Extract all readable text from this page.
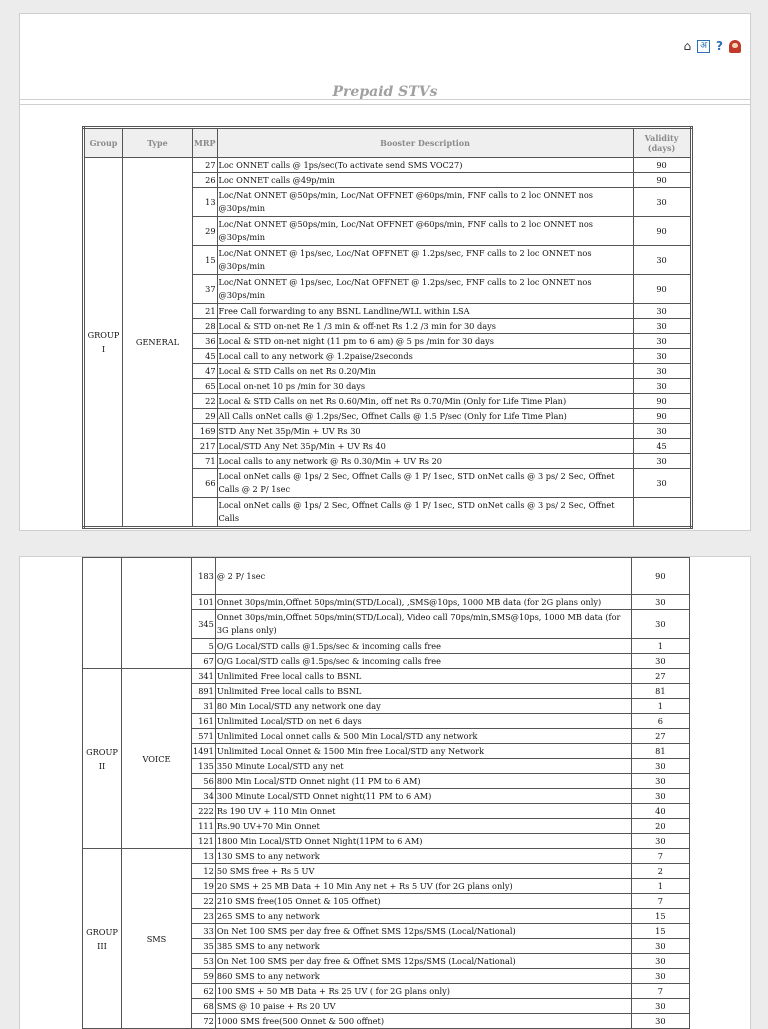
⌂	अ ?
Prepaid STVs
Group	Type	MRP	Booster Description	Validity (days)
GROUP I	GENERAL	27	Loc ONNET calls @ 1ps/sec(To activate send SMS VOC27)	90
		26	Loc ONNET calls @49p/min	90
		13	Loc/Nat ONNET @50ps/min, Loc/Nat OFFNET @60ps/min, FNF calls to 2 loc ONNET nos @30ps/min	30
		29	Loc/Nat ONNET @50ps/min, Loc/Nat OFFNET @60ps/min, FNF calls to 2 loc ONNET nos @30ps/min	90
		15	Loc/Nat ONNET @ 1ps/sec, Loc/Nat OFFNET @ 1.2ps/sec, FNF calls to 2 loc ONNET nos @30ps/min	30
		37	Loc/Nat ONNET @ 1ps/sec, Loc/Nat OFFNET @ 1.2ps/sec, FNF calls to 2 loc ONNET nos @30ps/min	90
		21	Free Call forwarding to any BSNL Landline/WLL within LSA	30
		28	Local & STD on-net Re 1 /3 min & off-net Rs 1.2 /3 min for 30 days	30
		36	Local & STD on-net night (11 pm to 6 am) @ 5 ps /min for 30 days	30
		45	Local call to any network @ 1.2paise/2seconds	30
		47	Local & STD Calls on net Rs 0.20/Min	30
		65	Local on-net 10 ps /min for 30 days	30
		22	Local & STD Calls on net Rs 0.60/Min, off net Rs 0.70/Min (Only for Life Time Plan)	90
		29	All Calls onNet calls @ 1.2ps/Sec, Offnet Calls @ 1.5 P/sec (Only for Life Time Plan)	90
		169	STD Any Net 35p/Min + UV Rs 30	30
		217	Local/STD Any Net 35p/Min + UV Rs 40	45
		71	Local calls to any network @ Rs 0.30/Min + UV Rs 20	30
		66	Local onNet calls @ 1ps/ 2 Sec, Offnet Calls @ 1 P/ 1sec, STD onNet calls @ 3 ps/ 2 Sec, Offnet Calls @ 2 P/ 1sec	30
			Local onNet calls @ 1ps/ 2 Sec, Offnet Calls @ 1 P/ 1sec, STD onNet calls @ 3 ps/ 2 Sec, Offnet Calls	
		183	@ 2 P/ 1sec	90
		101	Onnet 30ps/min,Offnet 50ps/min(STD/Local), ,SMS@10ps, 1000 MB data (for 2G plans only)	30
		345	Onnet 30ps/min,Offnet 50ps/min(STD/Local), Video call 70ps/min,SMS@10ps, 1000 MB data (for 3G plans only)	30
		5	O/G Local/STD calls @1.5ps/sec & incoming calls free	1
		67	O/G Local/STD calls @1.5ps/sec & incoming calls free	30
GROUP II	VOICE	341	Unlimited Free local calls to BSNL	27
		891	Unlimited Free local calls to BSNL	81
		31	80 Min Local/STD any network one day	1
		161	Unlimited Local/STD on net 6 days	6
		571	Unlimited Local onnet calls & 500 Min Local/STD any network	27
		1491	Unlimited Local Onnet & 1500 Min free Local/STD any Network	81
		135	350 Minute Local/STD any net	30
		56	800 Min Local/STD Onnet night (11 PM to 6 AM)	30
		34	300 Minute Local/STD Onnet night(11 PM to 6 AM)	30
		222	Rs 190 UV + 110 Min Onnet	40
		111	Rs.90 UV+70 Min Onnet	20
		121	1800 Min Local/STD Onnet Night(11PM to 6 AM)	30
GROUP III	SMS	13	130 SMS to any network	7
		12	50 SMS free + Rs 5 UV	2
		19	20 SMS + 25 MB Data + 10 Min Any net + Rs 5 UV (for 2G plans only)	1
		22	210 SMS free(105 Onnet & 105 Offnet)	7
		23	265 SMS to any network	15
		33	On Net 100 SMS per day free & Offnet SMS 12ps/SMS (Local/National)	15
		35	385 SMS to any network	30
		53	On Net 100 SMS per day free & Offnet SMS 12ps/SMS (Local/National)	30
		59	860 SMS to any network	30
		62	100 SMS + 50 MB Data + Rs 25 UV ( for 2G plans only)	7
		68	SMS @ 10 paise + Rs 20 UV	30
		72	1000 SMS free(500 Onnet & 500 offnet)	30
